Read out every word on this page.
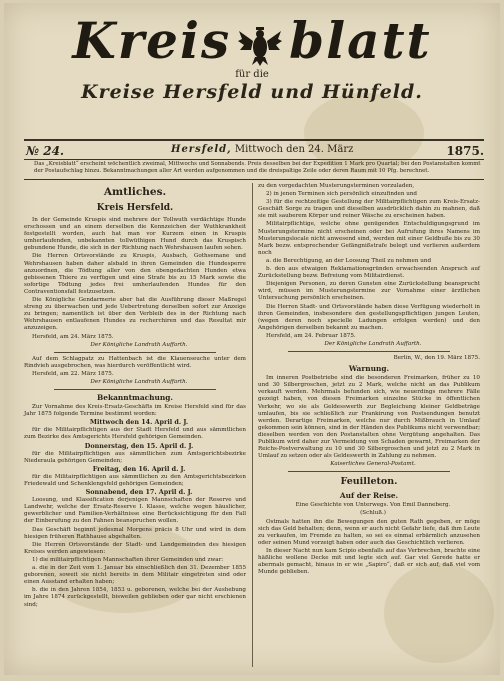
Kreis blatt
für die
Kreise Hersfeld und Hünfeld.
№ 24.	Hersfeld, Mittwoch den 24. März	1875.
Das „Kreisblatt“ erscheint wöchentlich zweimal, Mittwochs und Sonnabends. Preis desselben bei der Expedition 1 Mark pro Quartal; bei den Postanstalten kommt der Postaufschlag hinzu. Bekanntmachungen aller Art werden aufgenommen und die dreispaltige Zeile oder deren Raum mit 10 Pfg. berechnet.
Amtliches.
Kreis Hersfeld.

In der Gemeinde Kruspis sind mehrere der Tollwuth verdächtige Hunde erschossen und an einem derselben die Kennzeichen der Wuthkrankheit festgestellt worden, auch hat man vor Kurzem einen in Kruspis umherlaufenden, unbekannten tollwüthigen Hund durch das Kruspisch gebundene Hunde, die sich in der Richtung nach Wehrshausen laufen sehen.

Die Herren Ortsvorstände zu Kruspis, Ausbach, Gothsemane und Wehrshausen haben daher alsbald in ihren Gemeinden die Hundesperre anzuordnen, die Tödtung aller von den obengedachten Hunden etwa gebissenen Thiere zu verfügen und eine Strafe bis zu 15 Mark sowie die sofortige Tödtung jedes frei umherlaufenden Hundes für den Contraventionsfall festzusetzen.

Die Königliche Gendarmerie aber hat die Ausführung dieser Maßregel streng zu überwachen und jede Uebertretung derselben sofort zur Anzeige zu bringen; namentlich ist über den Verbleib des in der Richtung nach Wehrshausen entlaufenen Hundes zu recherchiren und das Resultat mir anzuzeigen.

Hersfeld, am 24. März 1875.

Der Königliche Landrath Auffarth.

Auf dem Schlagpatz zu Hattenbach ist die Klauenseuche unter dem Rindvieh ausgebrochen, was hierdurch veröffentlicht wird.

Hersfeld, am 22. März 1875.

Der Königliche Landrath Auffarth.

Bekanntmachung.

Zur Vornahme des Kreis-Ersatz-Geschäfts im Kreise Hersfeld sind für das Jahr 1875 folgende Termine bestimmt worden:

Mittwoch den 14. April d. J.

für die Militairpflichtigen aus der Stadt Hersfeld und aus sämmtlichen zum Bezirke des Amtsgerichts Hersfeld gehörigen Gemeinden.

Donnerstag, den 15. April d. J.

für die Militairpflichtigen aus sämmtlichen zum Amtsgerichtsbezirke Niederaula gehörigen Gemeinden;

Freitag, den 16. April d. J.

für die Militairpflichtigen aus sämmtlichen zu den Amtsgerichtsbezirken Friedewald und Schenklengsfeld gehörigen Gemeinden;

Sonnabend, den 17. April d. J.

Loosung, und Klassification derjenigen Mannschaften der Reserve und Landwehr, welche der Ersatz-Reserve I. Klasse, welche wegen häuslicher, gewerblicher und Familien-Verhältnisse eine Berücksichtigung für den Fall der Einberufung zu den Fahnen beanspruchen wollen.

Das Geschäft beginnt jedesmal Morgens präcis 8 Uhr und wird in dem hiesigen früheren Rathhause abgehalten.

Die Herren Ortsvorstände der Stadt- und Landgemeinden des hiesigen Kreises werden angewiesen:

1) die militairpflichtigen Mannschaften ihrer Gemeinden und zwar:

a. die in der Zeit vom 1. Januar bis einschließlich den 31. Dezember 1855 geborenen, soweit sie nicht bereits in dem Militair eingetreten sind oder einen Ausstand erhalten haben;

b. die in den Jahren 1854, 1853 u. geborenen, welche bei der Aushebung im Jahre 1874 zurückgestellt, bisweilen geblieben oder gar nicht erschienen sind;

zu den vorgedachten Musterungsterminen vorzuladen,

2) in jenen Terminen sich persönlich einzufinden und

3) für die rechtzeitige Gestellung der Militairpflichtigen zum Kreis-Ersatz-Geschäft Sorge zu tragen und dieselben ausdrücklich dahin zu mahnen, daß sie mit sauberem Körper und reiner Wäsche zu erscheinen haben.

Militairpflichtige, welche ohne genügenden Entschuldigungsgrund im Musterungstermine nicht erscheinen oder bei Aufrufung ihres Namens im Musterungslocale nicht anwesend sind, werden mit einer Geldbuße bis zu 30 Mark bezw. entsprechender Gefängnißstrafe belegt und verlieren außerdem noch

a. die Berechtigung, an der Loosung Theil zu nehmen und

b. den aus etwaigen Reklamationsgründen erwachsenden Anspruch auf Zurückstellung bezw. Befreiung vom Militairdienst.

Diejenigen Personen, zu deren Gunsten eine Zurückstellung beansprucht wird, müssen im Musterungstermine zur Vornahme einer ärztlichen Untersuchung persönlich erscheinen.

Die Herren Stadt- und Ortsvorstände haben diese Verfügung wiederholt in ihren Gemeinden, insbesondere den gestellungspflichtigen jungen Leuten, (wegen deren noch specielle Ladungen erfolgen werden) und den Angehörigen derselben bekannt zu machen.

Hersfeld, am 24. Februar 1875.

Der Königliche Landrath Auffarth.

Berlin, W., den 19. März 1875.

Warnung.

Im inneren Postbetriebe sind die besonderen Freimarken, früher zu 10 und 30 Silbergroschen, jetzt zu 2 Mark, welche nicht an das Publikum verkauft werden. Mehrmals befunden sich, wie neuerdings mehrere Fälle gezeigt haben, von diesen Freimarken einzelne Stücke in öffentlichen Verkehr, wo sie als Geldesswerth zur Begleichung kleiner Geldbeträge umlaufen, bis sie schließlich zur Frankirung von Postsendungen benutzt werden. Derartige Freimarken, welche nur durch Mißbrauch in Umlauf gekommen sein können, sind in der Händen des Publikums nicht verwendbar; dieselben werden von den Postanstalten ohne Vergütung angehalten. Das Publikum wird daher zur Vermeidung von Schaden gewarnt, Freimarken der Reichs-Postverwaltung zu 10 und 30 Silbergroschen und jetzt zu 2 Mark in Umlauf zu setzen oder als Geldeswerth in Zahlung zu nehmen.

Kaiserliches General-Postamt.

Feuilleton.
Auf der Reise.

Eine Geschichte von Unterwegs. Von Emil Danneberg.

(Schluß.)

Ostmals hatten ihn die Bewegungen den guten Rath gegeben, er möge sich das Geld behalten; denn, wenn er auch nicht Gefahr liefe, daß ihm Leute zu verkaufen, im Fremde zu halten, so sei es einmal erbärmlich anzusehen oder seinen Mund vorzeigt haben oder auch das Geschichtlich verlieren.

In dieser Nacht nun kam Scipio ebenfalls auf das Verbrechen, brachte eine häßliche wollene Decke mit und legte sich auf. Gar viel Gerede hatte er abermals gemacht, hinaus in er wie „Sapiro“, daß er sich auf, daß viel vom Munde geblieben.
